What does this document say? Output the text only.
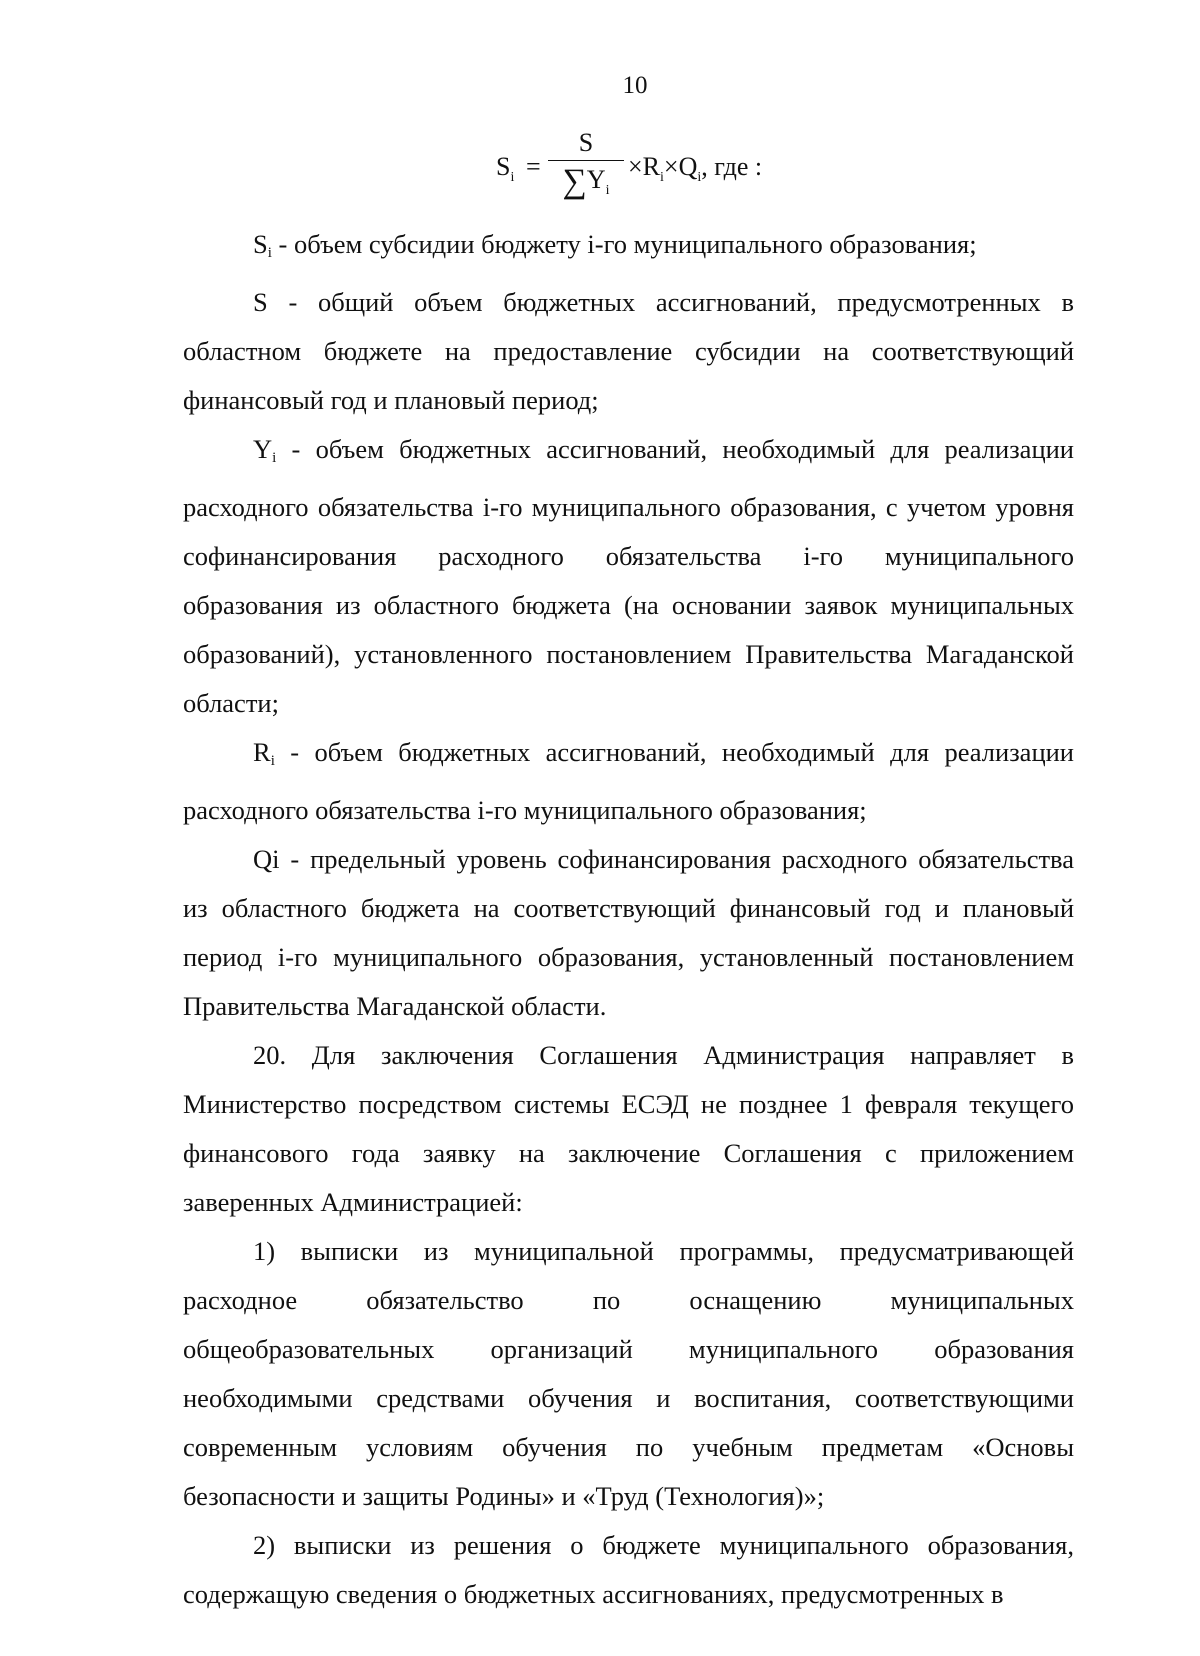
10
$S_i$ =
S
$\sum Y_i$
$\times R_i\times Q_i$, где :

$S_i$ - объем субсидии бюджету i-го муниципального образования;

S - общий объем бюджетных ассигнований, предусмотренных в областном бюджете на предоставление субсидии на соответствующий финансовый год и плановый период;

$Y_i$ - объем бюджетных ассигнований, необходимый для реализации расходного обязательства i-го муниципального образования, с учетом уровня софинансирования расходного обязательства i-го муниципального образования из областного бюджета (на основании заявок муниципальных образований), установленного постановлением Правительства Магаданской области;

$R_i$ - объем бюджетных ассигнований, необходимый для реализации расходного обязательства i-го муниципального образования;

Qi - предельный уровень софинансирования расходного обязательства из областного бюджета на соответствующий финансовый год и плановый период i-го муниципального образования, установленный постановлением Правительства Магаданской области.

20. Для заключения Соглашения Администрация направляет в Министерство посредством системы ЕСЭД не позднее 1 февраля текущего финансового года заявку на заключение Соглашения с приложением заверенных Администрацией:

1) выписки из муниципальной программы, предусматривающей расходное обязательство по оснащению муниципальных общеобразовательных организаций муниципального образования необходимыми средствами обучения и воспитания, соответствующими современным условиям обучения по учебным предметам «Основы безопасности и защиты Родины» и «Труд (Технология)»;

2) выписки из решения о бюджете муниципального образования, содержащую сведения о бюджетных ассигнованиях, предусмотренных в
